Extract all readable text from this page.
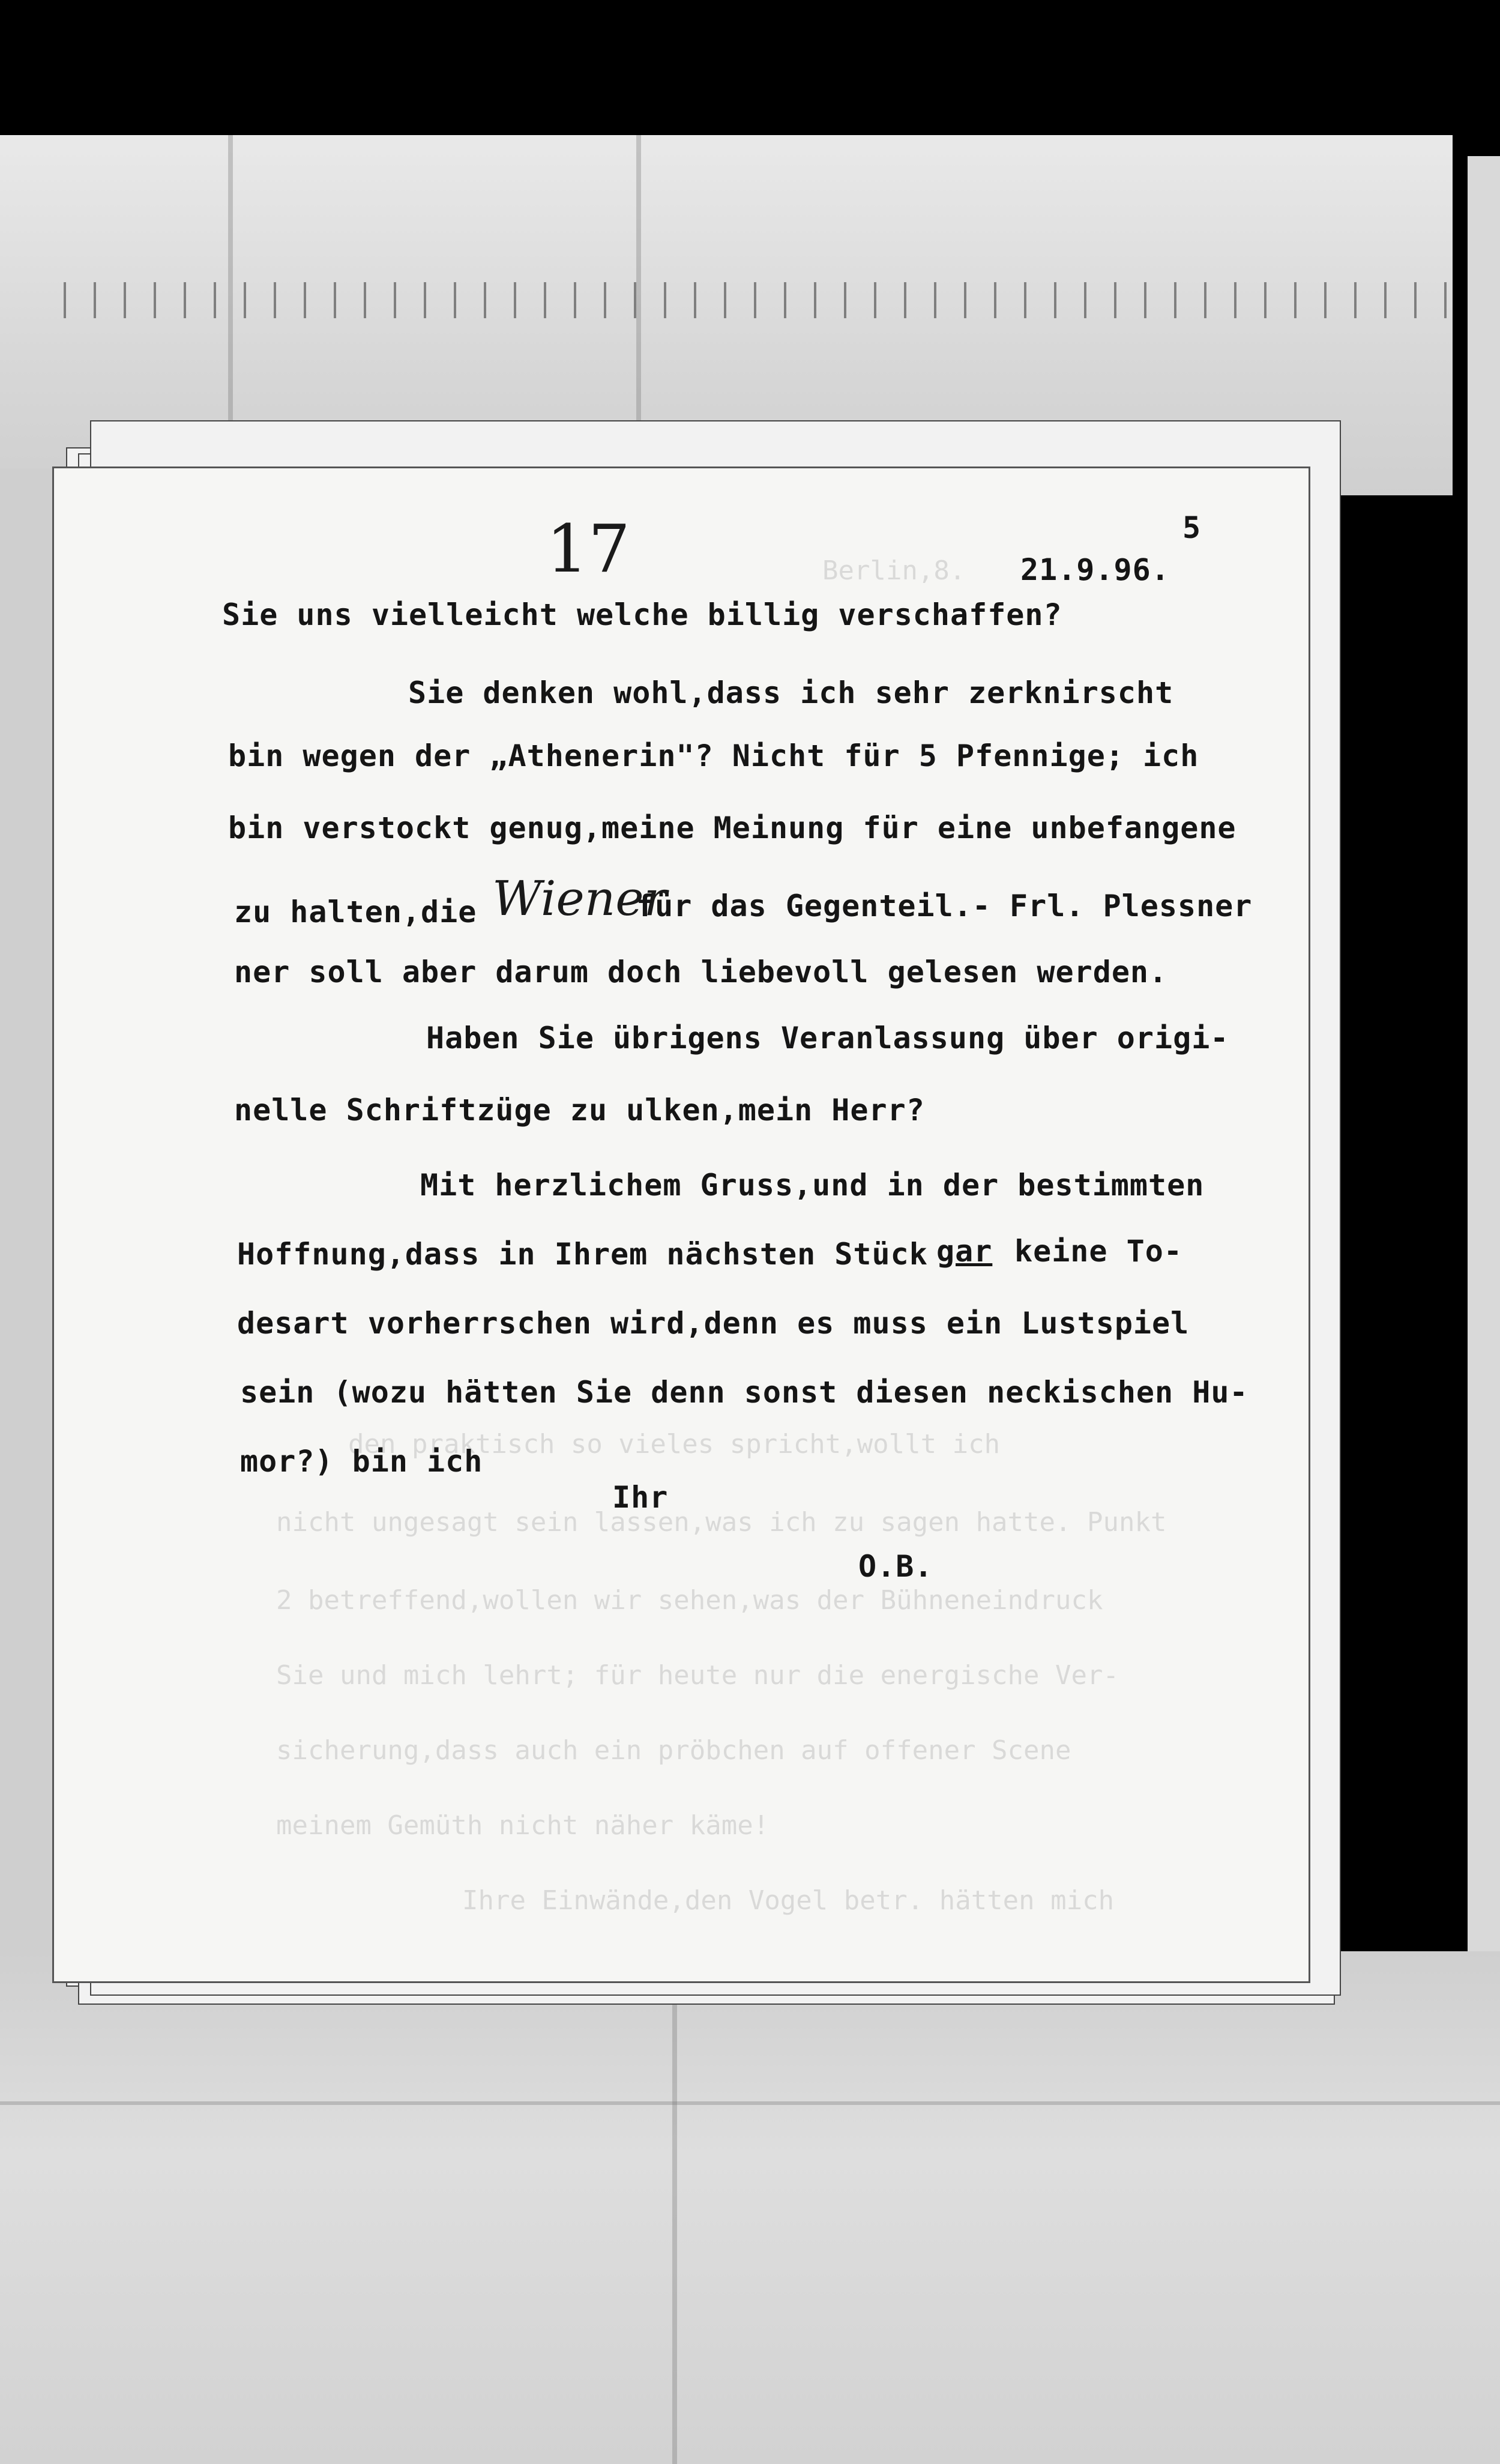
Berlin,8.
den praktisch so vieles spricht,wollt ich
nicht ungesagt sein lassen,was ich zu sagen hatte. Punkt
2 betreffend,wollen wir sehen,was der Bühneneindruck
Sie und mich lehrt; für heute nur die energische Ver-
sicherung,dass auch ein pröbchen auf offener Scene
meinem Gemüth nicht näher käme!
Ihre Einwände,den Vogel betr. hätten mich
17	5
21.9.96.
Sie uns vielleicht welche billig verschaffen?
Sie denken wohl,dass ich sehr zerknirscht
bin wegen der „Athenerin"? Nicht für 5 Pfennige; ich
bin verstockt genug,meine Meinung für eine unbefangene
zu halten,die Wiener
für das Gegenteil.- Frl. Plessner
ner soll aber darum doch liebevoll gelesen werden.
Haben Sie übrigens Veranlassung über origi-
nelle Schriftzüge zu ulken,mein Herr?
Mit herzlichem Gruss,und in der bestimmten
Hoffnung,dass in Ihrem nächsten Stück gar keine To-
desart vorherrschen wird,denn es muss ein Lustspiel
sein (wozu hätten Sie denn sonst diesen neckischen Hu-
mor?) bin ich
Ihr
O.B.
